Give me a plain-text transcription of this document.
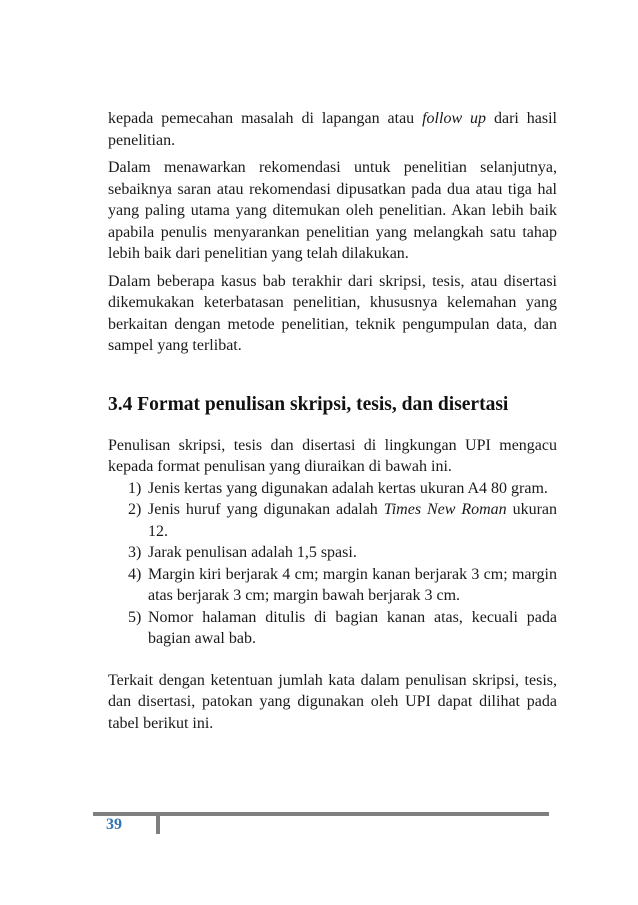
kepada pemecahan masalah di lapangan atau follow up dari hasil penelitian.

Dalam menawarkan rekomendasi untuk penelitian selanjutnya, sebaiknya saran atau rekomendasi dipusatkan pada dua atau tiga hal yang paling utama yang ditemukan oleh penelitian. Akan lebih baik apabila penulis menyarankan penelitian yang melangkah satu tahap lebih baik dari penelitian yang telah dilakukan.

Dalam beberapa kasus bab terakhir dari skripsi, tesis, atau disertasi dikemukakan keterbatasan penelitian, khususnya kelemahan yang berkaitan dengan metode penelitian, teknik pengumpulan data, dan sampel yang terlibat.

3.4 Format penulisan skripsi, tesis, dan disertasi

Penulisan skripsi, tesis dan disertasi di lingkungan UPI mengacu kepada format penulisan yang diuraikan di bawah ini.

1) Jenis kertas yang digunakan adalah kertas ukuran A4 80 gram.
2) Jenis huruf yang digunakan adalah Times New Roman ukuran 12.
3) Jarak penulisan adalah 1,5 spasi.
4) Margin kiri berjarak 4 cm; margin kanan berjarak 3 cm; margin atas berjarak 3 cm; margin bawah berjarak 3 cm.
5) Nomor halaman ditulis di bagian kanan atas, kecuali pada bagian awal bab.

Terkait dengan ketentuan jumlah kata dalam penulisan skripsi, tesis, dan disertasi, patokan yang digunakan oleh UPI dapat dilihat pada tabel berikut ini.

39
